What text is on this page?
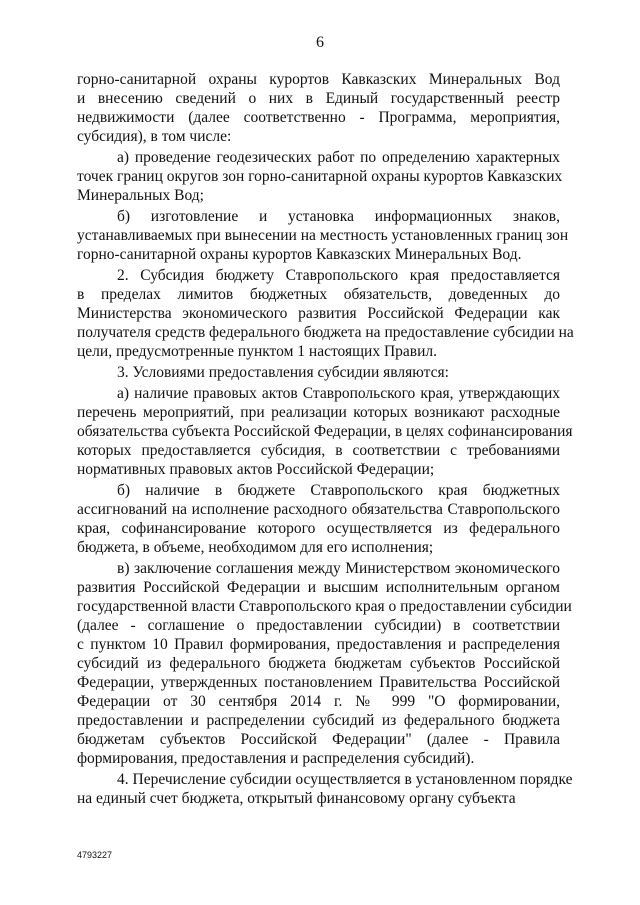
6
горно-санитарной охраны курортов Кавказских Минеральных Вод
и внесению сведений о них в Единый государственный реестр
недвижимости (далее соответственно - Программа, мероприятия,
субсидия), в том числе:
а) проведение геодезических работ по определению характерных
точек границ округов зон горно-санитарной охраны курортов Кавказских
Минеральных Вод;
б) изготовление и установка информационных знаков,
устанавливаемых при вынесении на местность установленных границ зон
горно-санитарной охраны курортов Кавказских Минеральных Вод.
2. Субсидия бюджету Ставропольского края предоставляется
в пределах лимитов бюджетных обязательств, доведенных до
Министерства экономического развития Российской Федерации как
получателя средств федерального бюджета на предоставление субсидии на
цели, предусмотренные пунктом 1 настоящих Правил.
3. Условиями предоставления субсидии являются:
а) наличие правовых актов Ставропольского края, утверждающих
перечень мероприятий, при реализации которых возникают расходные
обязательства субъекта Российской Федерации, в целях софинансирования
которых предоставляется субсидия, в соответствии с требованиями
нормативных правовых актов Российской Федерации;
б) наличие в бюджете Ставропольского края бюджетных
ассигнований на исполнение расходного обязательства Ставропольского
края, софинансирование которого осуществляется из федерального
бюджета, в объеме, необходимом для его исполнения;
в) заключение соглашения между Министерством экономического
развития Российской Федерации и высшим исполнительным органом
государственной власти Ставропольского края о предоставлении субсидии
(далее - соглашение о предоставлении субсидии) в соответствии
с пунктом 10 Правил формирования, предоставления и распределения
субсидий из федерального бюджета бюджетам субъектов Российской
Федерации, утвержденных постановлением Правительства Российской
Федерации от 30 сентября 2014 г. № 999 "О формировании,
предоставлении и распределении субсидий из федерального бюджета
бюджетам субъектов Российской Федерации" (далее - Правила
формирования, предоставления и распределения субсидий).
4. Перечисление субсидии осуществляется в установленном порядке
на единый счет бюджета, открытый финансовому органу субъекта
4793227
